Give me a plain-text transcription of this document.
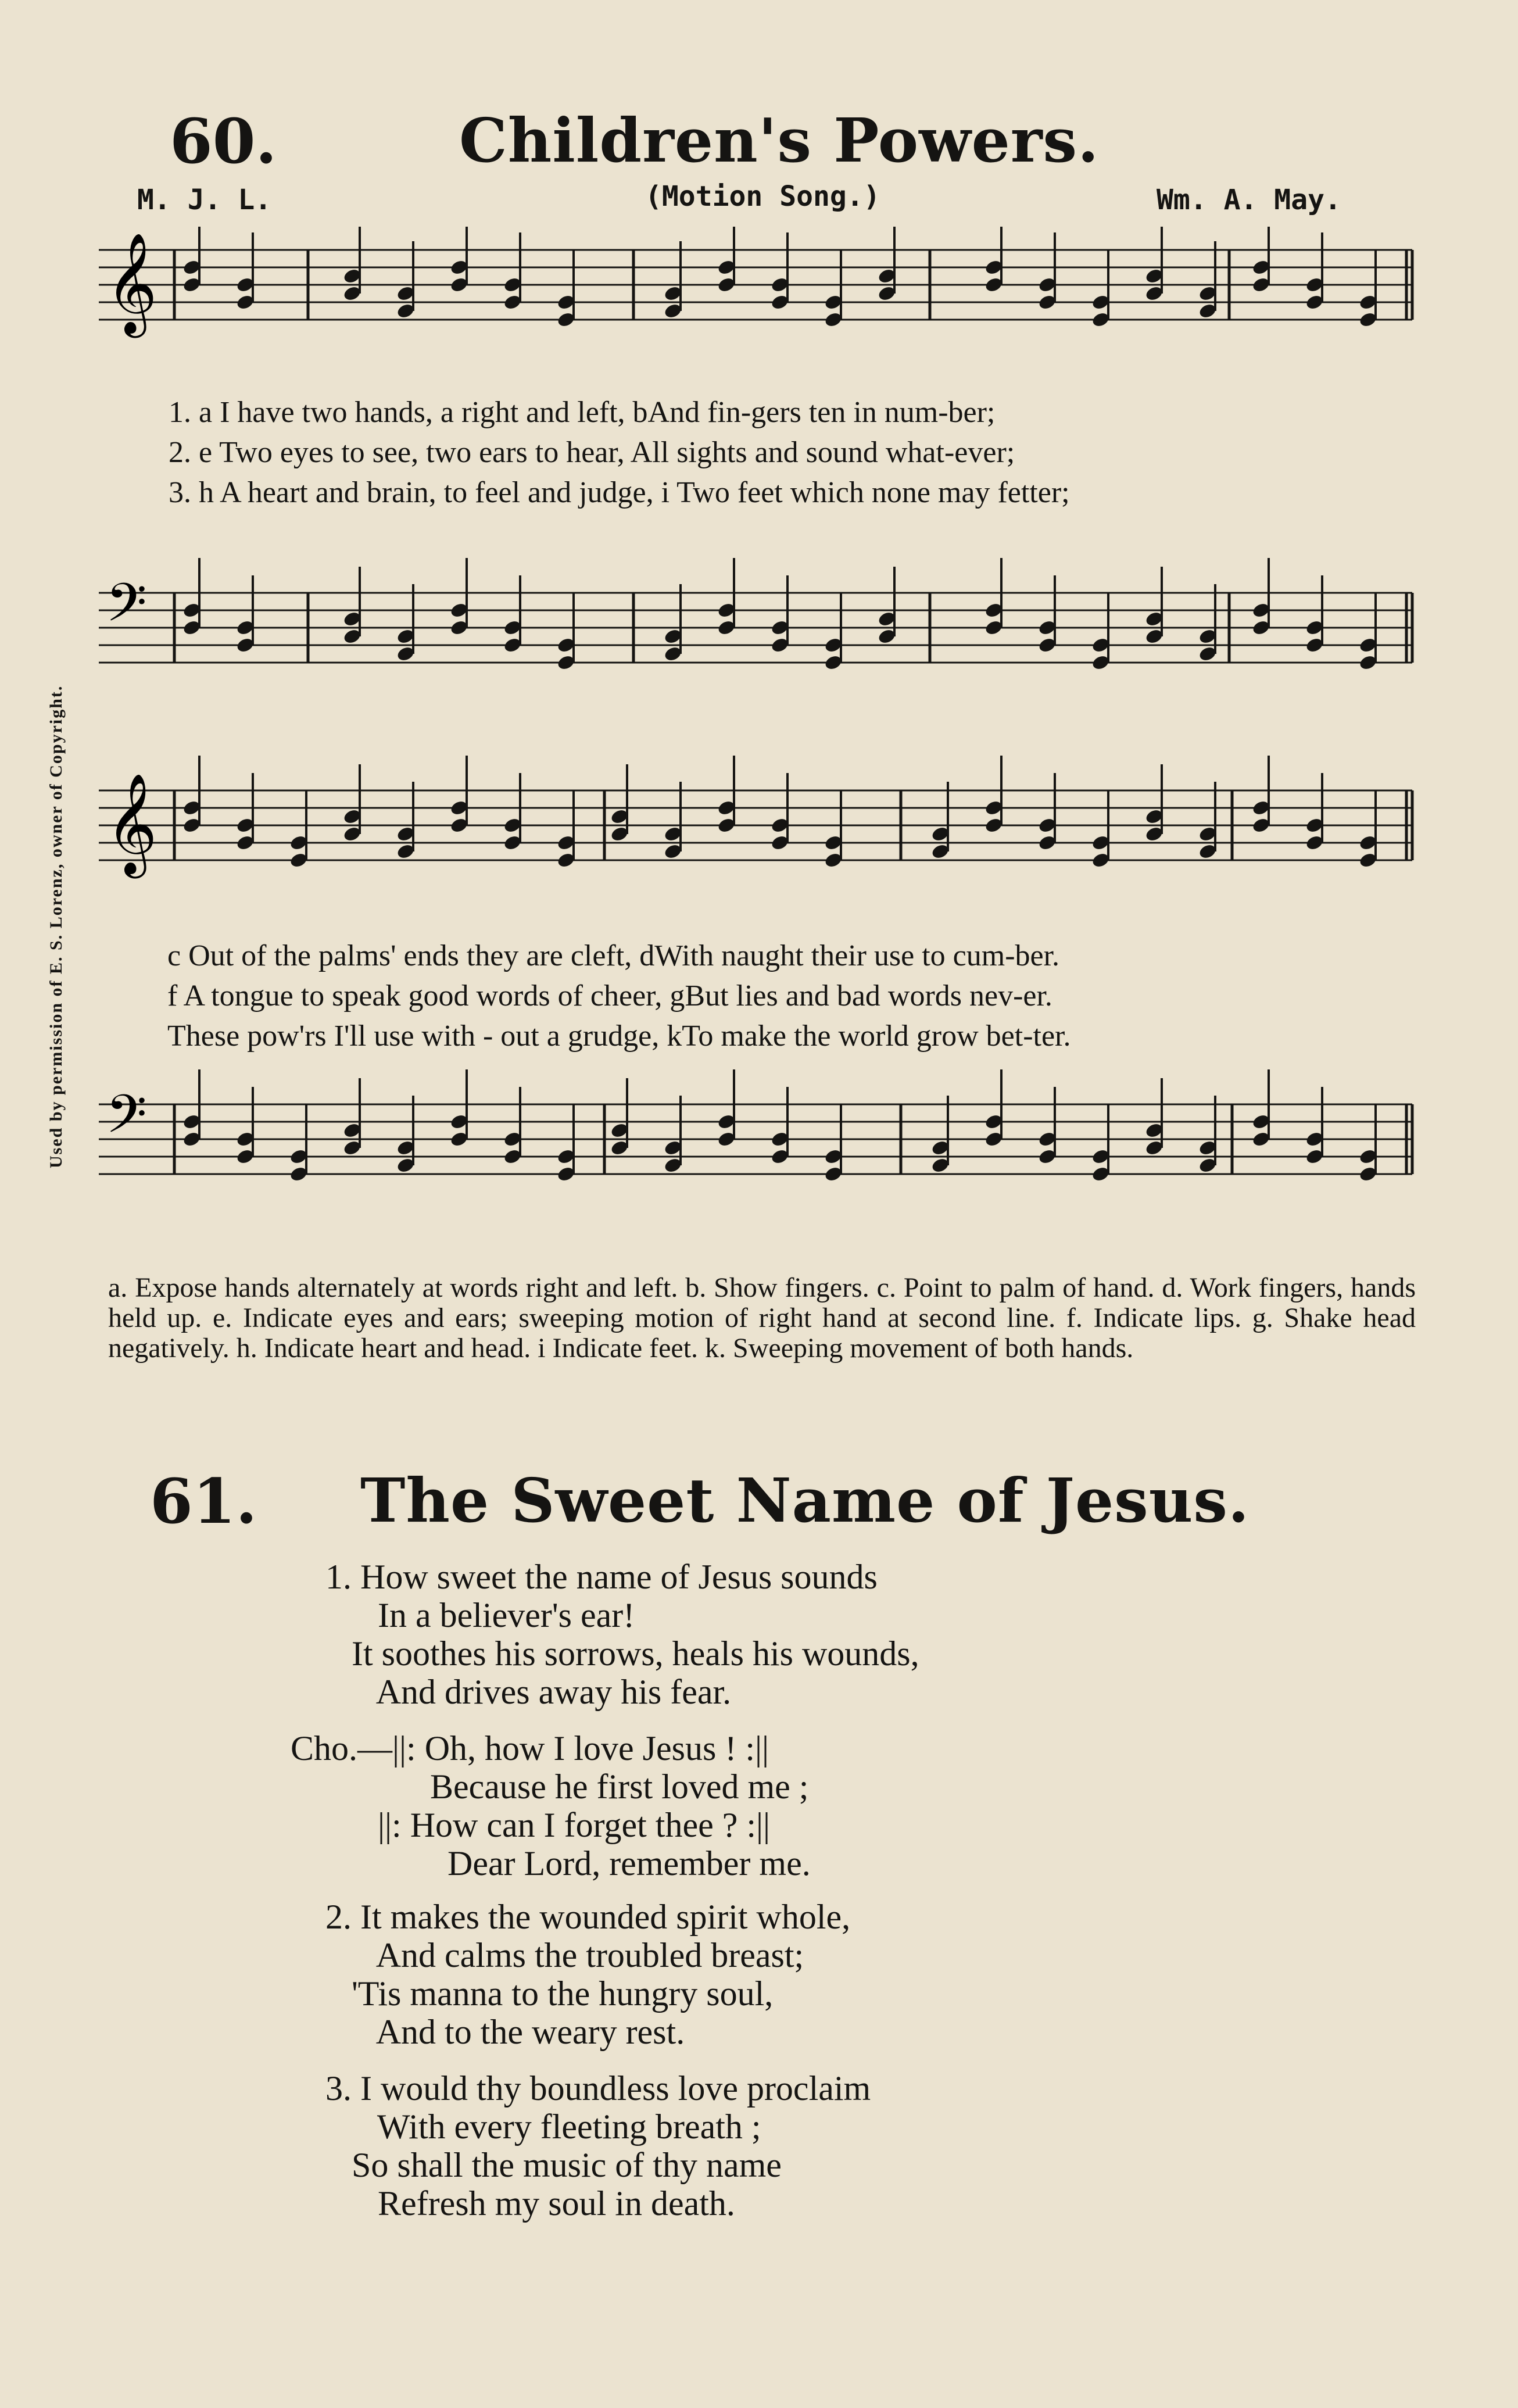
Used by permission of E. S. Lorenz, owner of Copyright.
60.	Children's Powers.
M. J. L.	(Motion Song.)	Wm. A. May.
𝄞
1. a I have two hands, a right and left, bAnd fin-gers ten in num-ber;
2. e Two eyes to see, two ears to hear, All sights and sound what-ever;
3. h A heart and brain, to feel and judge, i Two feet which none may fetter;
𝄢
𝄞
c Out of the palms' ends they are cleft, dWith naught their use to cum-ber.
f A tongue to speak good words of cheer, gBut lies and bad words nev-er.
These pow'rs I'll use with - out a grudge, kTo make the world grow bet-ter.
𝄢
a. Expose hands alternately at words right and left. b. Show fingers. c. Point to palm of hand. d. Work fingers, hands held up. e. Indicate eyes and ears; sweeping motion of right hand at second line. f. Indicate lips. g. Shake head negatively. h. Indicate heart and head. i Indicate feet. k. Sweeping movement of both hands.
61. The Sweet Name of Jesus.
1. How sweet the name of Jesus sounds
In a believer's ear!
It soothes his sorrows, heals his wounds,
And drives away his fear.
Cho.—||: Oh, how I love Jesus ! :||
Because he first loved me ;
||: How can I forget thee ? :||
Dear Lord, remember me.
2. It makes the wounded spirit whole,
And calms the troubled breast;
'Tis manna to the hungry soul,
And to the weary rest.
3. I would thy boundless love proclaim
With every fleeting breath ;
So shall the music of thy name
Refresh my soul in death.
